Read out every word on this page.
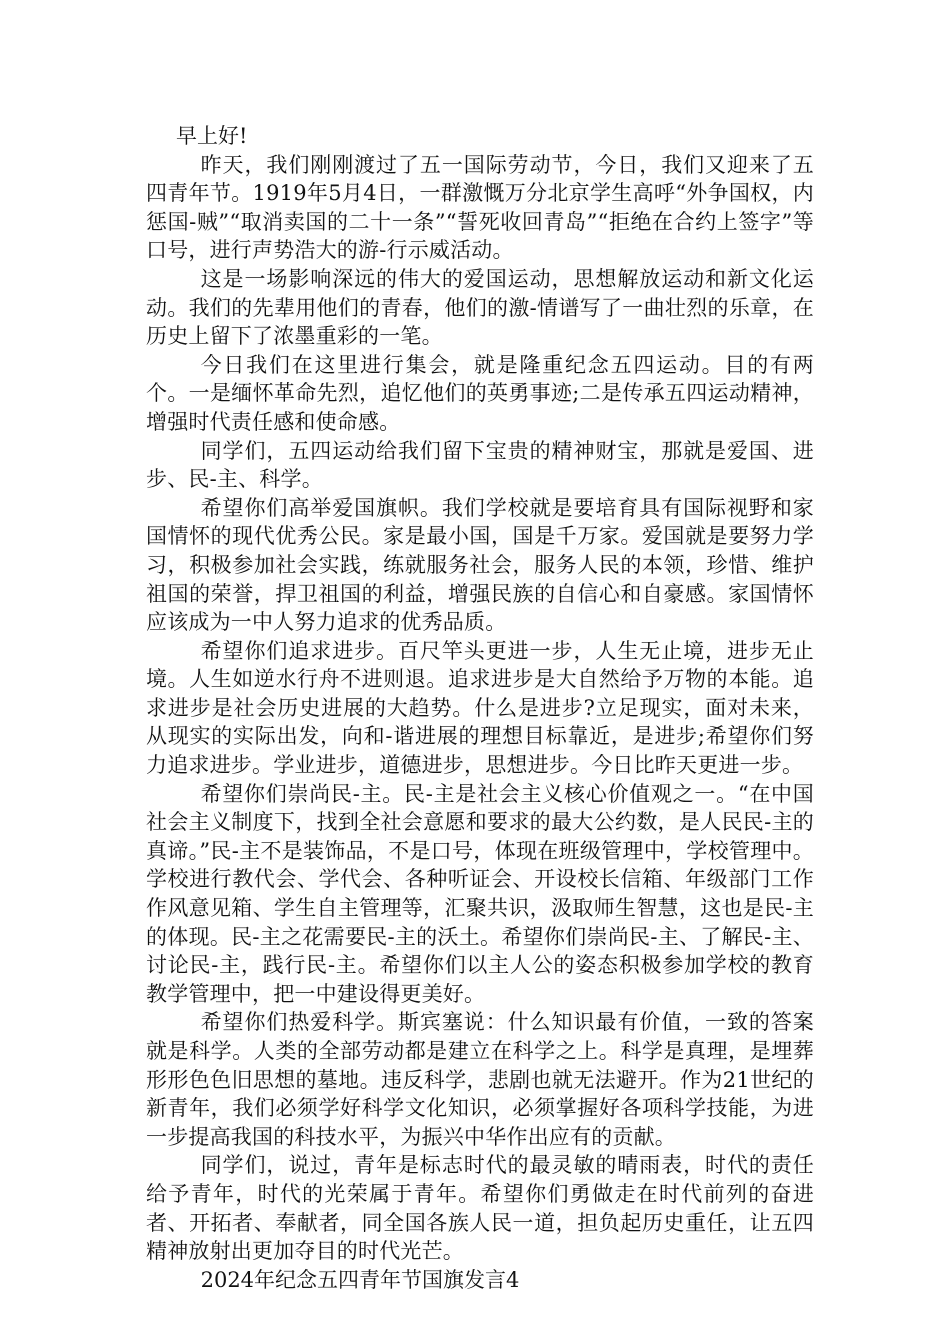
早上好!

昨天，我们刚刚渡过了五一国际劳动节，今日，我们又迎来了五四青年节。1919年5月4日，一群激慨万分北京学生高呼“外争国权，内惩国-贼”“取消卖国的二十一条”“誓死收回青岛”“拒绝在合约上签字”等口号，进行声势浩大的游-行示威活动。

这是一场影响深远的伟大的爱国运动，思想解放运动和新文化运动。我们的先辈用他们的青春，他们的激-情谱写了一曲壮烈的乐章，在历史上留下了浓墨重彩的一笔。

今日我们在这里进行集会，就是隆重纪念五四运动。目的有两个。一是缅怀革命先烈，追忆他们的英勇事迹;二是传承五四运动精神，增强时代责任感和使命感。

同学们，五四运动给我们留下宝贵的精神财宝，那就是爱国、进步、民-主、科学。

希望你们高举爱国旗帜。我们学校就是要培育具有国际视野和家国情怀的现代优秀公民。家是最小国，国是千万家。爱国就是要努力学习，积极参加社会实践，练就服务社会，服务人民的本领，珍惜、维护祖国的荣誉，捍卫祖国的利益，增强民族的自信心和自豪感。家国情怀应该成为一中人努力追求的优秀品质。

希望你们追求进步。百尺竿头更进一步，人生无止境，进步无止境。人生如逆水行舟不进则退。追求进步是大自然给予万物的本能。追求进步是社会历史进展的大趋势。什么是进步?立足现实，面对未来，从现实的实际出发，向和-谐进展的理想目标靠近，是进步;希望你们努力追求进步。学业进步，道德进步，思想进步。今日比昨天更进一步。

希望你们崇尚民-主。民-主是社会主义核心价值观之一。“在中国社会主义制度下，找到全社会意愿和要求的最大公约数，是人民民-主的真谛。”民-主不是装饰品，不是口号，体现在班级管理中，学校管理中。学校进行教代会、学代会、各种听证会、开设校长信箱、年级部门工作作风意见箱、学生自主管理等，汇聚共识，汲取师生智慧，这也是民-主的体现。民-主之花需要民-主的沃土。希望你们崇尚民-主、了解民-主、讨论民-主，践行民-主。希望你们以主人公的姿态积极参加学校的教育教学管理中，把一中建设得更美好。

希望你们热爱科学。斯宾塞说：什么知识最有价值，一致的答案就是科学。人类的全部劳动都是建立在科学之上。科学是真理，是埋葬形形色色旧思想的墓地。违反科学，悲剧也就无法避开。作为21世纪的新青年，我们必须学好科学文化知识，必须掌握好各项科学技能，为进一步提高我国的科技水平，为振兴中华作出应有的贡献。

同学们，说过，青年是标志时代的最灵敏的晴雨表，时代的责任给予青年，时代的光荣属于青年。希望你们勇做走在时代前列的奋进者、开拓者、奉献者，同全国各族人民一道，担负起历史重任，让五四精神放射出更加夺目的时代光芒。

2024年纪念五四青年节国旗发言4
